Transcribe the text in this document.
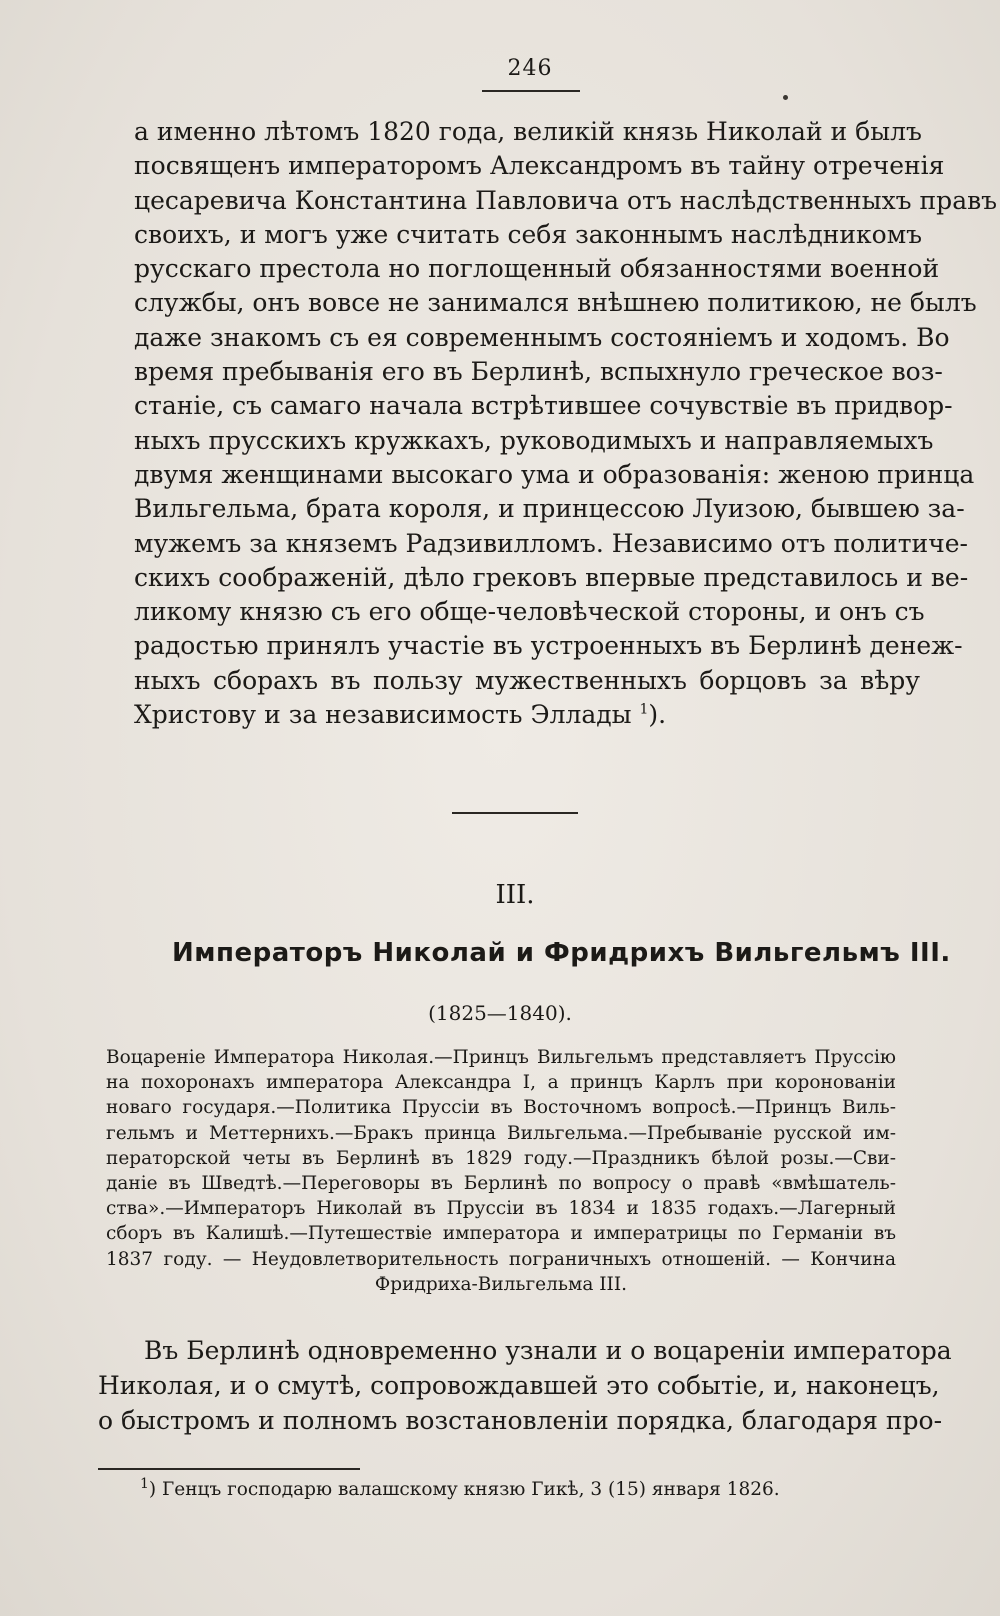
246
а именно лѣтомъ 1820 года, великій князь Николай и былъ
посвященъ императоромъ Александромъ въ тайну отреченія
цесаревича Константина Павловича отъ наслѣдственныхъ правъ
своихъ, и могъ уже считать себя законнымъ наслѣдникомъ
русскаго престола но поглощенный обязанностями военной
службы, онъ вовсе не занимался внѣшнею политикою, не былъ
даже знакомъ съ ея современнымъ состояніемъ и ходомъ. Во
время пребыванія его въ Берлинѣ, вспыхнуло греческое воз-
станіе, съ самаго начала встрѣтившее сочувствіе въ придвор-
ныхъ прусскихъ кружкахъ, руководимыхъ и направляемыхъ
двумя женщинами высокаго ума и образованія: женою принца
Вильгельма, брата короля, и принцессою Луизою, бывшею за-
мужемъ за княземъ Радзивилломъ. Независимо отъ политиче-
скихъ соображеній, дѣло грековъ впервые представилось и ве-
ликому князю съ его обще-человѣческой стороны, и онъ съ
радостью принялъ участіе въ устроенныхъ въ Берлинѣ денеж-
ныхъ сборахъ въ пользу мужественныхъ борцовъ за вѣру
Христову и за независимость Эллады $^1$).
III.
Императоръ Николай и Фридрихъ Вильгельмъ III.
(1825—1840).
Воцареніе Императора Николая.—Принцъ Вильгельмъ представляетъ Пруссію
на похоронахъ императора Александра I, а принцъ Карлъ при коронованіи
новаго государя.—Политика Пруссіи въ Восточномъ вопросѣ.—Принцъ Виль-
гельмъ и Меттернихъ.—Бракъ принца Вильгельма.—Пребываніе русской им-
ператорской четы въ Берлинѣ въ 1829 году.—Праздникъ бѣлой розы.—Сви-
даніе въ Шведтѣ.—Переговоры въ Берлинѣ по вопросу о правѣ «вмѣшатель-
ства».—Императоръ Николай въ Пруссіи въ 1834 и 1835 годахъ.—Лагерный
сборъ въ Калишѣ.—Путешествіе императора и императрицы по Германіи въ
1837 году. — Неудовлетворительность пограничныхъ отношеній. — Кончина
Фридриха-Вильгельма III.
Въ Берлинѣ одновременно узнали и о воцареніи императора
Николая, и о смутѣ, сопровождавшей это событіе, и, наконецъ,
о быстромъ и полномъ возстановленіи порядка, благодаря про-
$^1$) Генцъ господарю валашскому князю Гикѣ, 3 (15) января 1826.
